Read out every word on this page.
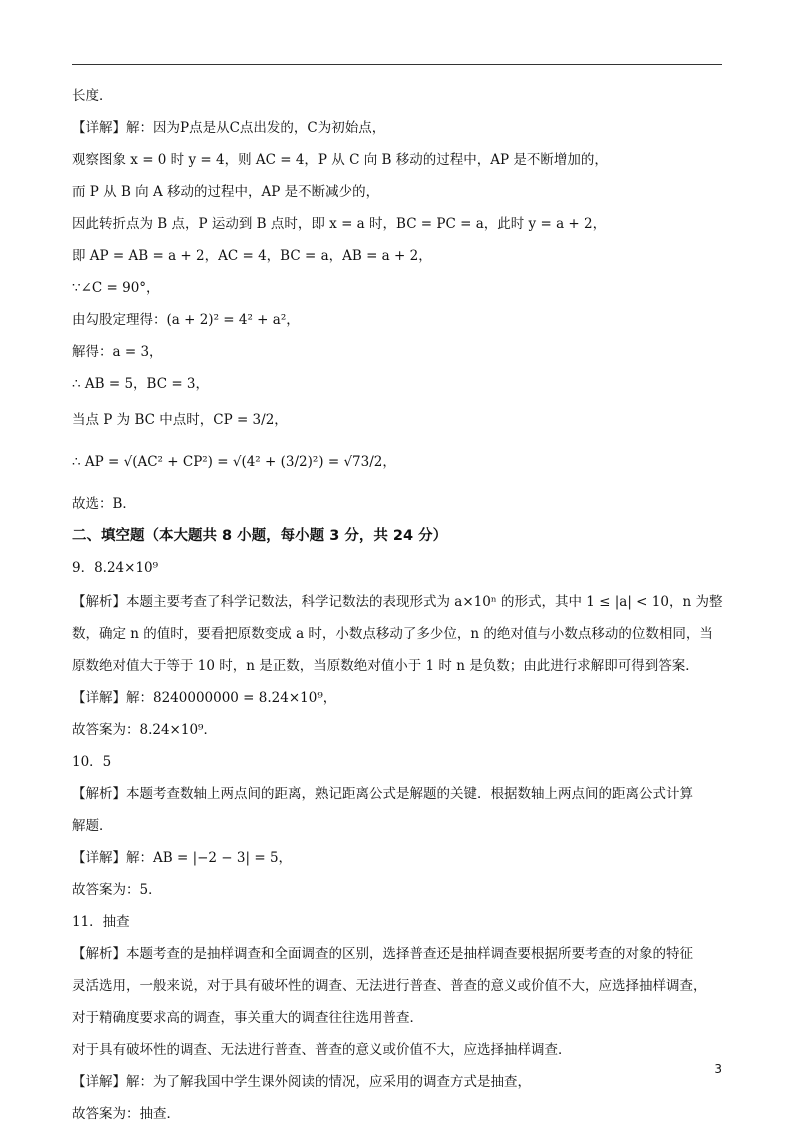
长度．
【详解】解：因为P点是从C点出发的，C为初始点，
观察图象 x = 0 时 y = 4，则 AC = 4，P 从 C 向 B 移动的过程中，AP 是不断增加的，
而 P 从 B 向 A 移动的过程中，AP 是不断减少的，
因此转折点为 B 点，P 运动到 B 点时，即 x = a 时，BC = PC = a，此时 y = a + 2，
即 AP = AB = a + 2，AC = 4，BC = a，AB = a + 2，
∵∠C = 90°，
由勾股定理得：(a + 2)² = 4² + a²，
解得：a = 3，
∴ AB = 5，BC = 3，
当点 P 为 BC 中点时，CP = 3/2，
∴ AP = √(AC² + CP²) = √(4² + (3/2)²) = √73/2，
故选：B．
二、填空题（本大题共 8 小题，每小题 3 分，共 24 分）
9．8.24×10⁹
【解析】本题主要考查了科学记数法，科学记数法的表现形式为 a×10ⁿ 的形式，其中 1 ≤ |a| < 10，n 为整
数，确定 n 的值时，要看把原数变成 a 时，小数点移动了多少位，n 的绝对值与小数点移动的位数相同，当
原数绝对值大于等于 10 时，n 是正数，当原数绝对值小于 1 时 n 是负数；由此进行求解即可得到答案．
【详解】解：8240000000 = 8.24×10⁹，
故答案为：8.24×10⁹．
10．5
【解析】本题考查数轴上两点间的距离，熟记距离公式是解题的关键．根据数轴上两点间的距离公式计算
解题．
【详解】解：AB = |−2 − 3| = 5，
故答案为：5．
11．抽查
【解析】本题考查的是抽样调查和全面调查的区别，选择普查还是抽样调查要根据所要考查的对象的特征
灵活选用，一般来说，对于具有破坏性的调查、无法进行普查、普查的意义或价值不大，应选择抽样调查，
对于精确度要求高的调查，事关重大的调查往往选用普查．
对于具有破坏性的调查、无法进行普查、普查的意义或价值不大，应选择抽样调查．
【详解】解：为了解我国中学生课外阅读的情况，应采用的调查方式是抽查，
故答案为：抽查．
3
